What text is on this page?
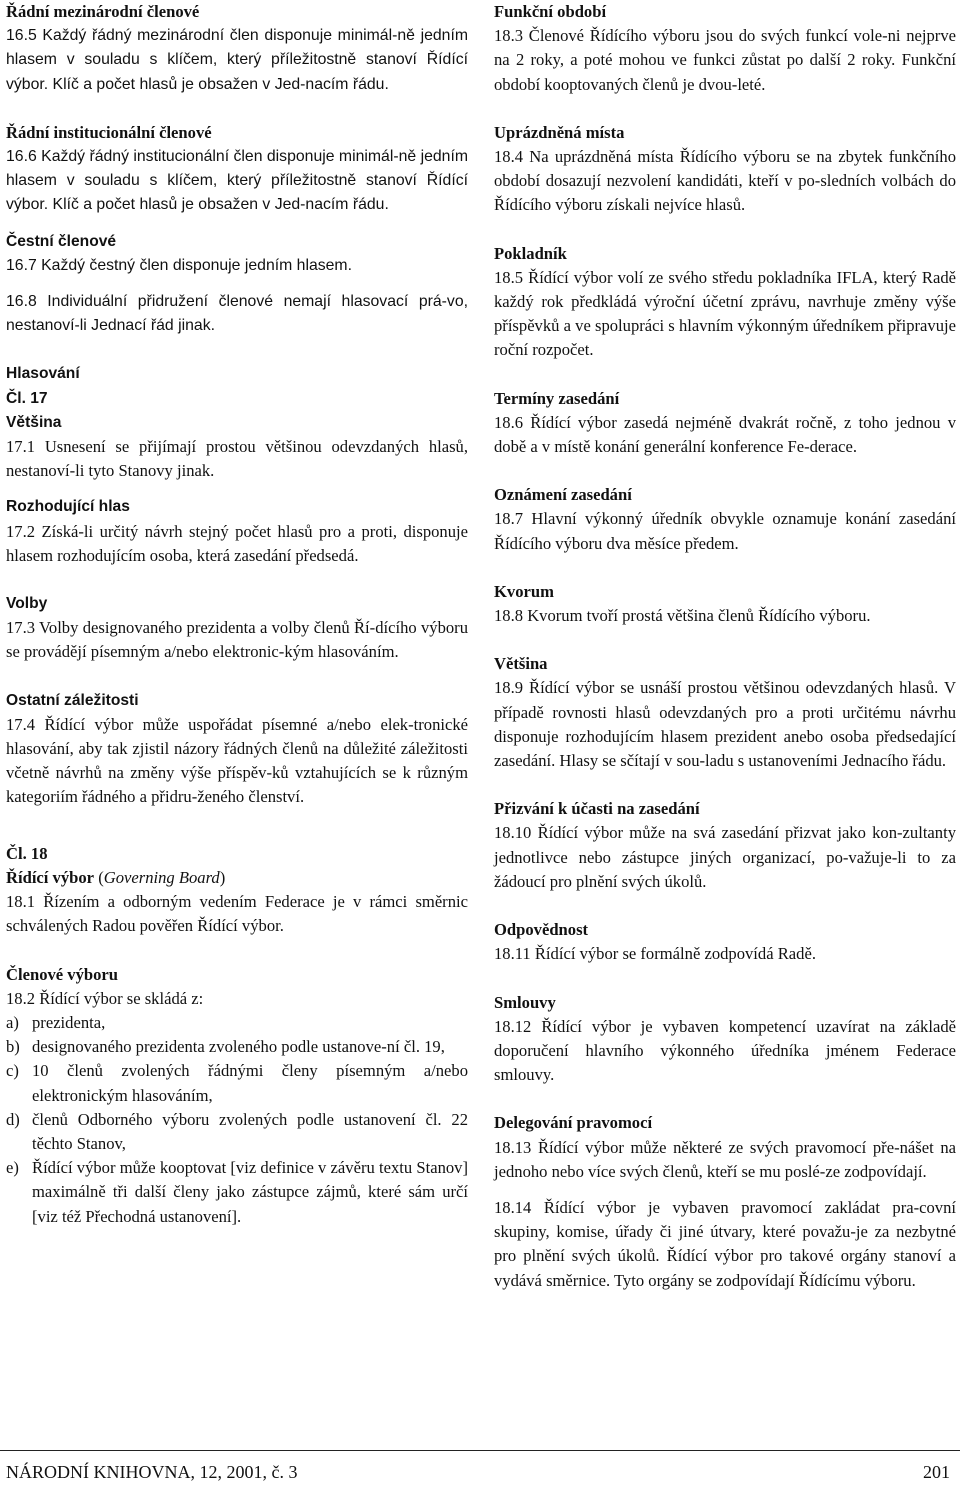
Řádní mezinárodní členové

16.5 Každý řádný mezinárodní člen disponuje minimál-ně jedním hlasem v souladu s klíčem, který příležitostně stanoví Řídící výbor. Klíč a počet hlasů je obsažen v Jed-nacím řádu.

Řádní institucionální členové

16.6 Každý řádný institucionální člen disponuje minimál-ně jedním hlasem v souladu s klíčem, který příležitostně stanoví Řídící výbor. Klíč a počet hlasů je obsažen v Jed-nacím řádu.

Čestní členové

16.7 Každý čestný člen disponuje jedním hlasem.

16.8 Individuální přidružení členové nemají hlasovací prá-vo, nestanoví-li Jednací řád jinak.

Hlasování

Čl. 17

Většina

17.1 Usnesení se přijímají prostou většinou odevzdaných hlasů, nestanoví-li tyto Stanovy jinak.

Rozhodující hlas

17.2 Získá-li určitý návrh stejný počet hlasů pro a proti, disponuje hlasem rozhodujícím osoba, která zasedání předsedá.

Volby

17.3 Volby designovaného prezidenta a volby členů Ří-dícího výboru se provádějí písemným a/nebo elektronic-kým hlasováním.

Ostatní záležitosti

17.4 Řídící výbor může uspořádat písemné a/nebo elek-tronické hlasování, aby tak zjistil názory řádných členů na důležité záležitosti včetně návrhů na změny výše příspěv-ků vztahujících se k různým kategoriím řádného a přidru-ženého členství.

Čl. 18

Řídící výbor (Governing Board)

18.1 Řízením a odborným vedením Federace je v rámci směrnic schválených Radou pověřen Řídící výbor.

Členové výboru

18.2 Řídící výbor se skládá z:

a) prezidenta,
b) designovaného prezidenta zvoleného podle ustanove-ní čl. 19,
c) 10 členů zvolených řádnými členy písemným a/nebo elektronickým hlasováním,
d) členů Odborného výboru zvolených podle ustanovení čl. 22 těchto Stanov,
e) Řídící výbor může kooptovat [viz definice v závěru textu Stanov] maximálně tři další členy jako zástupce zájmů, které sám určí [viz též Přechodná ustanovení].

Funkční období

18.3 Členové Řídícího výboru jsou do svých funkcí vole-ni nejprve na 2 roky, a poté mohou ve funkci zůstat po další 2 roky. Funkční období kooptovaných členů je dvou-leté.

Uprázdněná místa

18.4 Na uprázdněná místa Řídícího výboru se na zbytek funkčního období dosazují nezvolení kandidáti, kteří v po-sledních volbách do Řídícího výboru získali nejvíce hlasů.

Pokladník

18.5 Řídící výbor volí ze svého středu pokladníka IFLA, který Radě každý rok předkládá výroční účetní zprávu, navrhuje změny výše příspěvků a ve spolupráci s hlavním výkonným úředníkem připravuje roční rozpočet.

Termíny zasedání

18.6 Řídící výbor zasedá nejméně dvakrát ročně, z toho jednou v době a v místě konání generální konference Fe-derace.

Oznámení zasedání

18.7 Hlavní výkonný úředník obvykle oznamuje konání zasedání Řídícího výboru dva měsíce předem.

Kvorum

18.8 Kvorum tvoří prostá většina členů Řídícího výboru.

Většina

18.9 Řídící výbor se usnáší prostou většinou odevzdaných hlasů. V případě rovnosti hlasů odevzdaných pro a proti určitému návrhu disponuje rozhodujícím hlasem prezident anebo osoba předsedající zasedání. Hlasy se sčítají v sou-ladu s ustanoveními Jednacího řádu.

Přizvání k účasti na zasedání

18.10 Řídící výbor může na svá zasedání přizvat jako kon-zultanty jednotlivce nebo zástupce jiných organizací, po-važuje-li to za žádoucí pro plnění svých úkolů.

Odpovědnost

18.11 Řídící výbor se formálně zodpovídá Radě.

Smlouvy

18.12 Řídící výbor je vybaven kompetencí uzavírat na základě doporučení hlavního výkonného úředníka jménem Federace smlouvy.

Delegování pravomocí

18.13 Řídící výbor může některé ze svých pravomocí pře-nášet na jednoho nebo více svých členů, kteří se mu poslé-ze zodpovídají.

18.14 Řídící výbor je vybaven pravomocí zakládat pra-covní skupiny, komise, úřady či jiné útvary, které považu-je za nezbytné pro plnění svých úkolů. Řídící výbor pro takové orgány stanoví a vydává směrnice. Tyto orgány se zodpovídají Řídícímu výboru.

NÁRODNÍ KNIHOVNA, 12, 2001, č. 3	201
